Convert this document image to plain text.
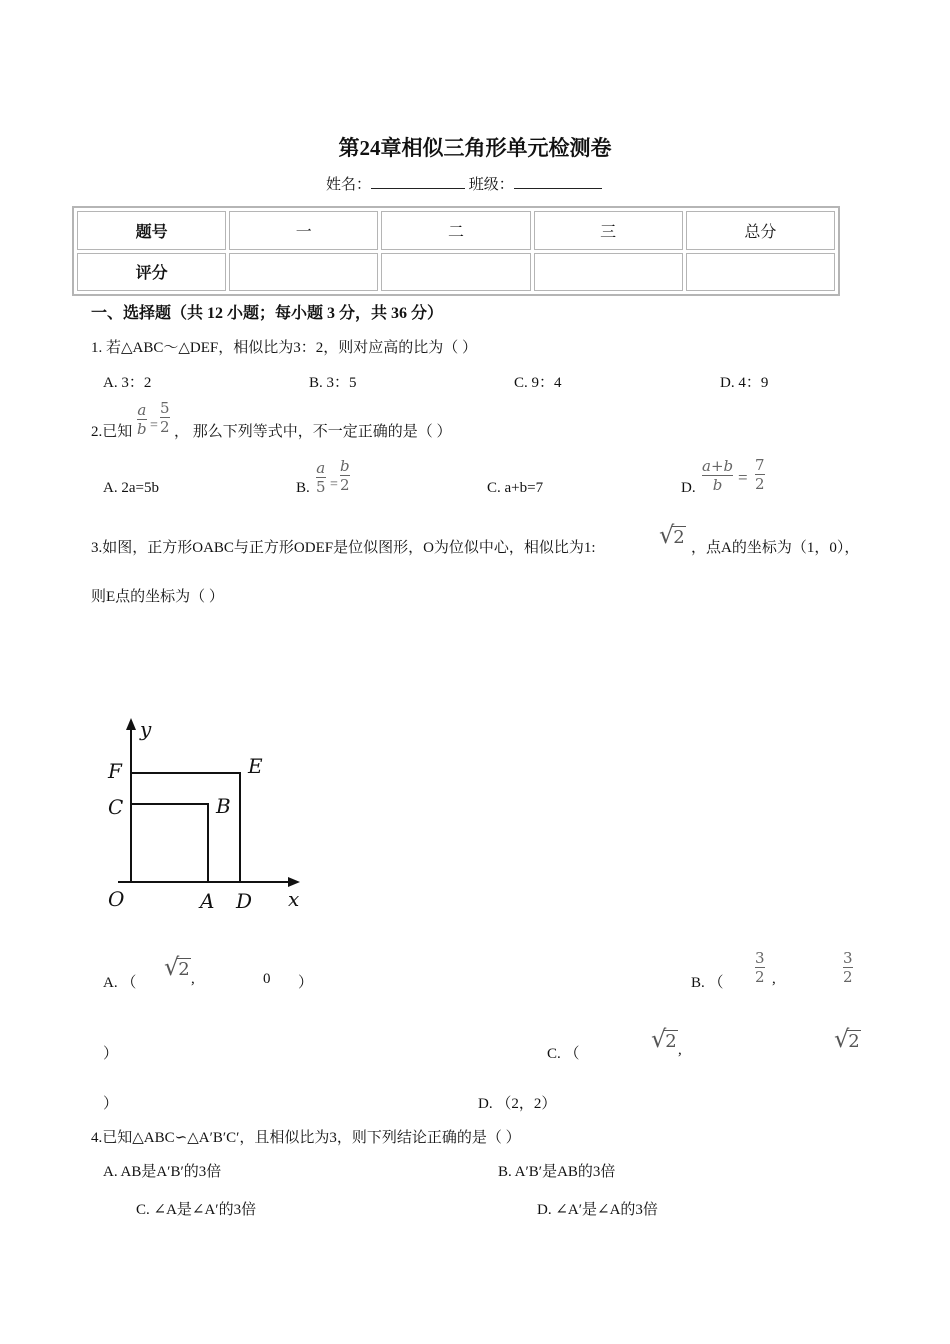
第24章相似三角形单元检测卷
姓名：	班级：
题号	一	二	三	总分
评分				
一、选择题（共 12 小题；每小题 3 分，共 36 分）
1. 若△ABC～△DEF，相似比为3：2，则对应高的比为（ ）
A. 3：2	B. 3：5	C. 9：4	D. 4：9
2.已知
a
b =
5
2 ， 那么下列等式中，不一定正确的是（ ）
A. 2a=5b	B.
a
5 =
b
2	C. a+b=7	D.
a+b
b =
7
2
3.如图，正方形OABC与正方形ODEF是位似图形，O为位似中心，相似比为1:	√2 ，点A的坐标为（1，0），
则E点的坐标为（ ）
y
x
F	E
C	B
O	A D
A. （
√2 ,	0 ）	B. （
3
2 ,
3
2
）	C. （
√2 ,	√2
）	D. （2，2）
4.已知△ABC∽△A′B′C′，且相似比为3，则下列结论正确的是（ ）
A. AB是A′B′的3倍	B. A′B′是AB的3倍
C. ∠A是∠A′的3倍	D. ∠A′是∠A的3倍
